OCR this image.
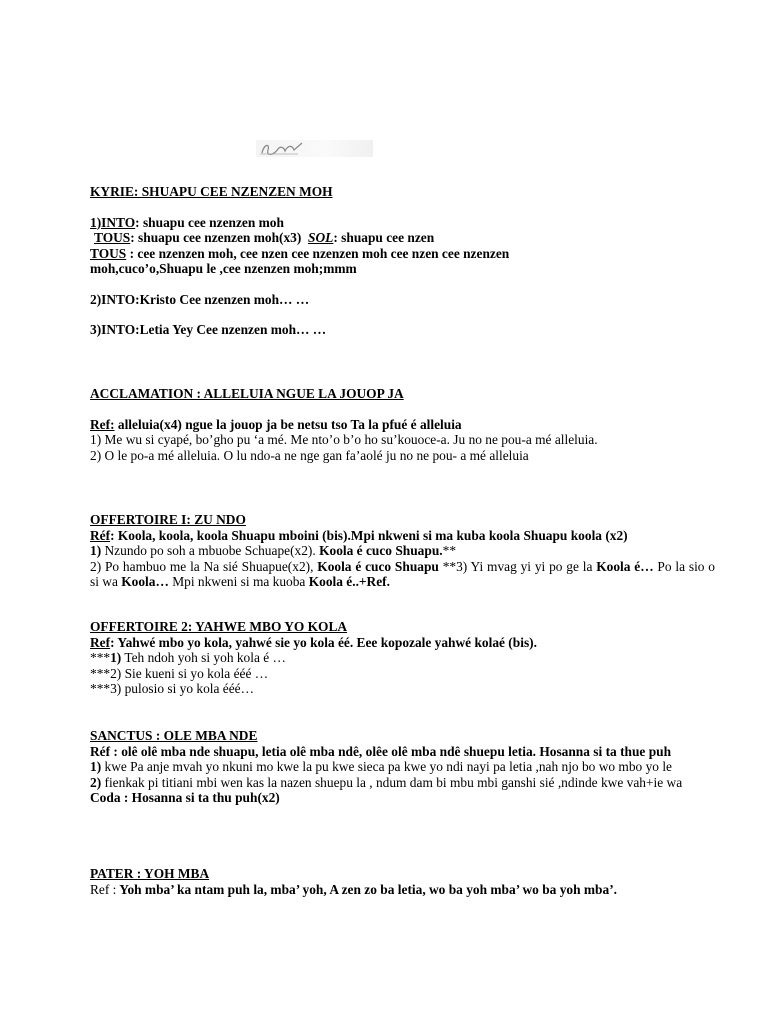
KYRIE: SHUAPU CEE NZENZEN MOH

1)INTO: shuapu cee nzenzen moh

TOUS: shuapu cee nzenzen moh(x3) SOL: shuapu cee nzen

TOUS : cee nzenzen moh, cee nzen cee nzenzen moh cee nzen cee nzenzen

moh,cuco’o,Shuapu le ,cee nzenzen moh;mmm

2)INTO:Kristo Cee nzenzen moh… …

3)INTO:Letia Yey Cee nzenzen moh… …

ACCLAMATION : ALLELUIA NGUE LA JOUOP JA

Ref: alleluia(x4) ngue la jouop ja be netsu tso Ta la pfué é alleluia

1) Me wu si cyapé, bo’gho pu ‘a mé. Me nto’o b’o ho su’kouoce-a. Ju no ne pou-a mé alleluia.

2) O le po-a mé alleluia. O lu ndo-a ne nge gan fa’aolé ju no ne pou- a mé alleluia

OFFERTOIRE I: ZU NDO

Réf: Koola, koola, koola Shuapu mboini (bis).Mpi nkweni si ma kuba koola Shuapu koola (x2)

1) Nzundo po soh a mbuobe Schuape(x2). Koola é cuco Shuapu.**

2) Po hambuo me la Na sié Shuapue(x2), Koola é cuco Shuapu **3) Yi mvag yi yi po ge la Koola é… Po la sio o si wa Koola… Mpi nkweni si ma kuoba Koola é..+Ref.

OFFERTOIRE 2: YAHWE MBO YO KOLA

Ref: Yahwé mbo yo kola, yahwé sie yo kola éé. Eee kopozale yahwé kolaé (bis).

***1) Teh ndoh yoh si yoh kola é …

***2) Sie kueni si yo kola ééé …

***3) pulosio si yo kola ééé…

SANCTUS : OLE MBA NDE

Réf : olê olê mba nde shuapu, letia olê mba ndê, olêe olê mba ndê shuepu letia. Hosanna si ta thue puh

1) kwe Pa anje mvah yo nkuni mo kwe la pu kwe sieca pa kwe yo ndi nayi pa letia ,nah njo bo wo mbo yo le

2) fienkak pi titiani mbi wen kas la nazen shuepu la , ndum dam bi mbu mbi ganshi sié ,ndinde kwe vah+ie wa

Coda : Hosanna si ta thu puh(x2)

PATER : YOH MBA

Ref : Yoh mba’ ka ntam puh la, mba’ yoh, A zen zo ba letia, wo ba yoh mba’ wo ba yoh mba’.
